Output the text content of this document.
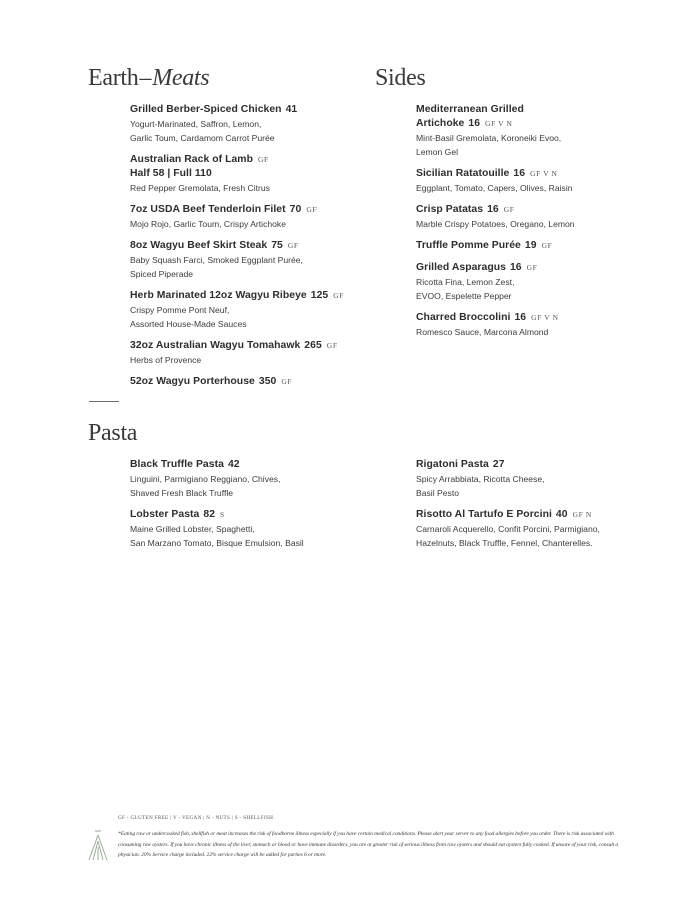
Earth–Meats
Grilled Berber-Spiced Chicken 41
Yogurt-Marinated, Saffron, Lemon,
Garlic Toum, Cardamom Carrot Purée
Australian Rack of Lamb GF
Half 58 | Full 110
Red Pepper Gremolata, Fresh Citrus
7oz USDA Beef Tenderloin Filet 70 GF
Mojo Rojo, Garlic Toum, Crispy Artichoke
8oz Wagyu Beef Skirt Steak 75 GF
Baby Squash Farci, Smoked Eggplant Purée,
Spiced Piperade
Herb Marinated 12oz Wagyu Ribeye 125 GF
Crispy Pomme Pont Neuf,
Assorted House-Made Sauces
32oz Australian Wagyu Tomahawk 265 GF
Herbs of Provence
52oz Wagyu Porterhouse 350 GF
Sides
Mediterranean Grilled
Artichoke 16 GF V N
Mint-Basil Gremolata, Koroneiki Evoo,
Lemon Gel
Sicilian Ratatouille 16 GF V N
Eggplant, Tomato, Capers, Olives, Raisin
Crisp Patatas 16 GF
Marble Crispy Potatoes, Oregano, Lemon
Truffle Pomme Purée 19 GF
Grilled Asparagus 16 GF
Ricotta Fina, Lemon Zest,
EVOO, Espelette Pepper
Charred Broccolini 16 GF V N
Romesco Sauce, Marcona Almond
Pasta
Black Truffle Pasta 42
Linguini, Parmigiano Reggiano, Chives,
Shaved Fresh Black Truffle
Lobster Pasta 82 S
Maine Grilled Lobster, Spaghetti,
San Marzano Tomato, Bisque Emulsion, Basil
Rigatoni Pasta 27
Spicy Arrabbiata, Ricotta Cheese,
Basil Pesto
Risotto Al Tartufo E Porcini 40 GF N
Carnaroli Acquerello, Confit Porcini, Parmigiano,
Hazelnuts, Black Truffle, Fennel, Chanterelles.
GF - GLUTEN FREE | V - VEGAN | N - NUTS | S - SHELLFISH
*Eating raw or undercooked fish, shellfish or meat increases the risk of foodborne illness especially if you have certain medical conditions. Please alert your server to any food allergies before you order. There is risk associated with consuming raw oysters. If you have chronic illness of the liver, stomach or blood or have immune disorders, you are at greater risk of serious illness from raw oysters and should eat oysters fully cooked. If unsure of your risk, consult a physician. 20% Service charge included. 22% service charge will be added for parties 6 or more.
